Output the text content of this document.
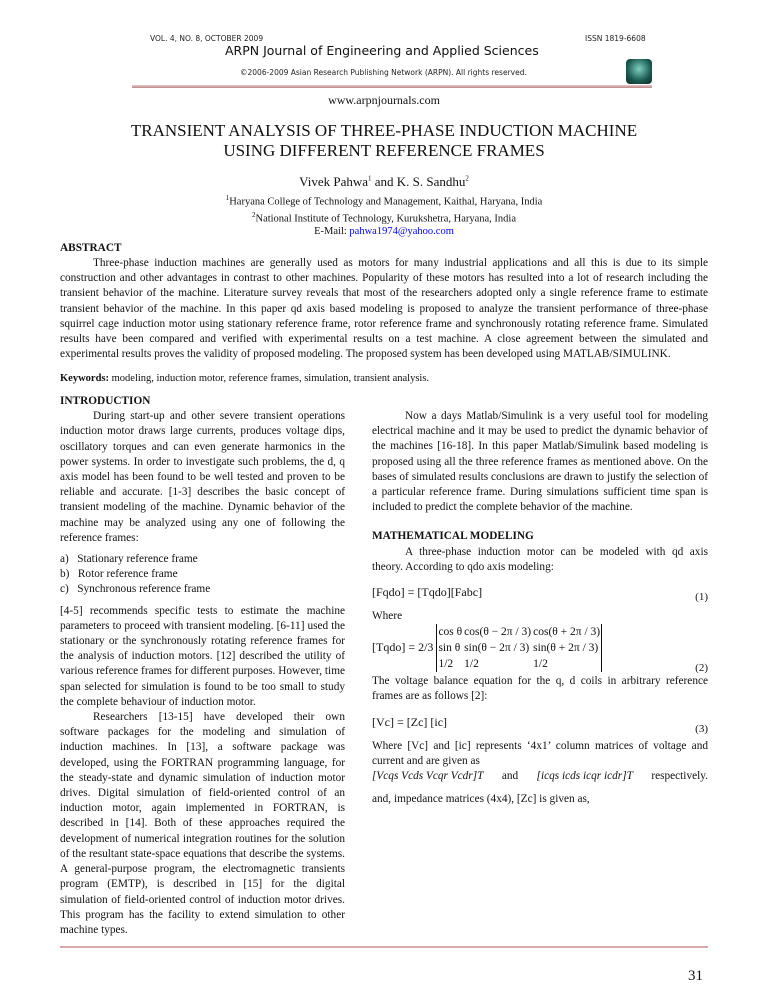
VOL. 4, NO. 8, OCTOBER 2009	ISSN 1819-6608
ARPN Journal of Engineering and Applied Sciences
©2006-2009 Asian Research Publishing Network (ARPN). All rights reserved.
www.arpnjournals.com
TRANSIENT ANALYSIS OF THREE-PHASE INDUCTION MACHINE
USING DIFFERENT REFERENCE FRAMES
Vivek Pahwa$^1$ and K. S. Sandhu$^2$
$^1$Haryana College of Technology and Management, Kaithal, Haryana, India
$^2$National Institute of Technology, Kurukshetra, Haryana, India
E-Mail: pahwa1974@yahoo.com
ABSTRACT
Three-phase induction machines are generally used as motors for many industrial applications and all this is due to its simple construction and other advantages in contrast to other machines. Popularity of these motors has resulted into a lot of research including the transient behavior of the machine. Literature survey reveals that most of the researchers adopted only a single reference frame to estimate transient behavior of the machine. In this paper qd axis based modeling is proposed to analyze the transient performance of three-phase squirrel cage induction motor using stationary reference frame, rotor reference frame and synchronously rotating reference frame. Simulated results have been compared and verified with experimental results on a test machine. A close agreement between the simulated and experimental results proves the validity of proposed modeling. The proposed system has been developed using MATLAB/SIMULINK.
Keywords: modeling, induction motor, reference frames, simulation, transient analysis.
INTRODUCTION
During start-up and other severe transient operations induction motor draws large currents, produces voltage dips, oscillatory torques and can even generate harmonics in the power systems. In order to investigate such problems, the d, q axis model has been found to be well tested and proven to be reliable and accurate. [1-3] describes the basic concept of transient modeling of the machine. Dynamic behavior of the machine may be analyzed using any one of following the reference frames:
a)   Stationary reference frame
b)   Rotor reference frame
c)   Synchronous reference frame
[4-5] recommends specific tests to estimate the machine parameters to proceed with transient modeling. [6-11] used the stationary or the synchronously rotating reference frames for the analysis of induction motors. [12] described the utility of various reference frames for different purposes. However, time span selected for simulation is found to be too small to study the complete behaviour of induction motor.
Researchers [13-15] have developed their own software packages for the modeling and simulation of induction machines. In [13], a software package was developed, using the FORTRAN programming language, for the steady-state and dynamic simulation of induction motor drives. Digital simulation of field-oriented control of an induction motor, again implemented in FORTRAN, is described in [14]. Both of these approaches required the development of numerical integration routines for the solution of the resultant state-space equations that describe the systems. A general-purpose program, the electromagnetic transients program (EMTP), is described in [15] for the digital simulation of field-oriented control of induction motor drives. This program has the facility to extend simulation to other machine types.
Now a days Matlab/Simulink is a very useful tool for modeling electrical machine and it may be used to predict the dynamic behavior of the machines [16-18]. In this paper Matlab/Simulink based modeling is proposed using all the three reference frames as mentioned above. On the bases of simulated results conclusions are drawn to justify the selection of a particular reference frame. During simulations sufficient time span is included to predict the complete behavior of the machine.
MATHEMATICAL MODELING
A three-phase induction motor can be modeled with qd axis theory. According to qdo axis modeling:
[Fqdo] = [Tqdo][Fabc]	(1)
Where
[Tqdo] = 2/3 cos θ	cos(θ − 2π / 3)	cos(θ + 2π / 3)
sin θ	sin(θ − 2π / 3)	sin(θ + 2π / 3)
1/2	1/2	1/2	(2)
The voltage balance equation for the q, d coils in arbitrary reference frames are as follows [2]:
[Vc] = [Zc] [ic]	(3)
Where [Vc] and [ic] represents ‘4x1’ column matrices of voltage and current and are given as
[Vcqs Vcds Vcqr Vcdr]T and [icqs icds icqr icdr]T respectively.
and, impedance matrices (4x4), [Zc] is given as,
31
